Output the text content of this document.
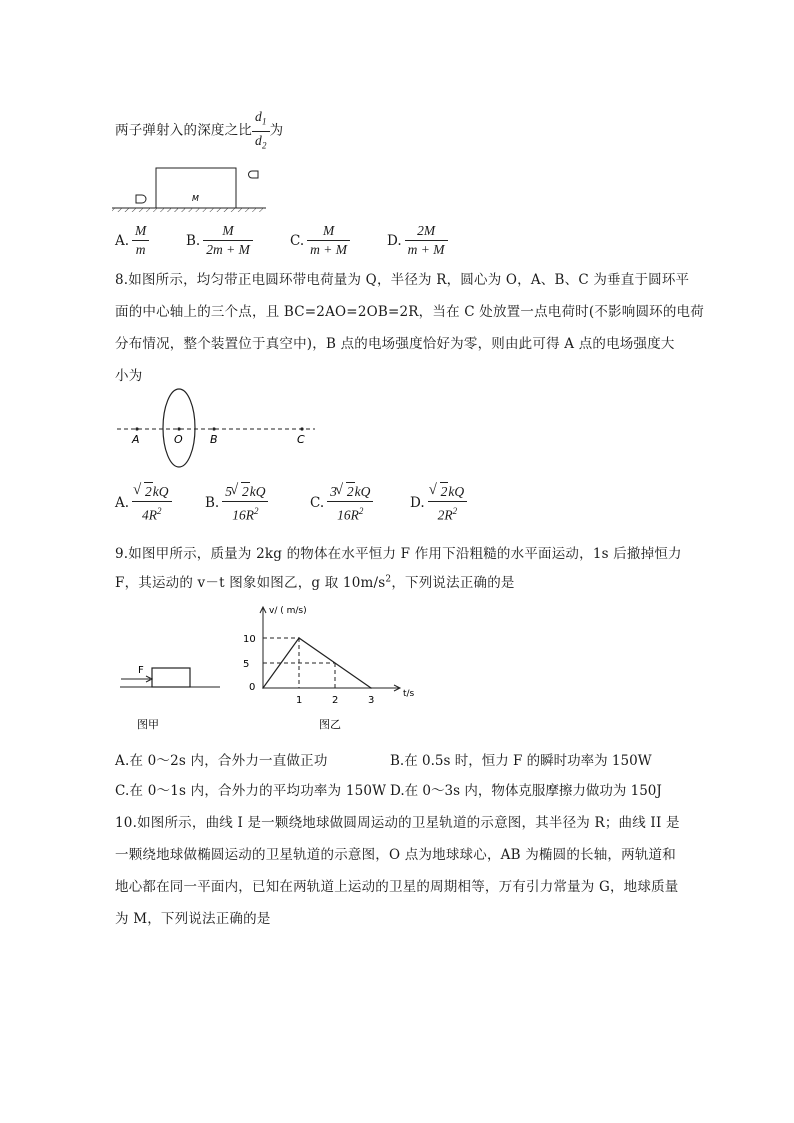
两子弹射入的深度之比 $\frac{d_1}{d_2}$ 为
M
A. $\frac{M}{m}$	B. $\frac{M}{2m + M}$	C. $\frac{M}{m + M}$	D. $\frac{2M}{m + M}$
8.如图所示，均匀带正电圆环带电荷量为 Q，半径为 R，圆心为 O，A、B、C 为垂直于圆环平
面的中心轴上的三个点，且 BC=2AO=2OB=2R，当在 C 处放置一点电荷时(不影响圆环的电荷
分布情况，整个装置位于真空中)，B 点的电场强度恰好为零，则由此可得 A 点的电场强度大
小为
A	O B	C
A. √ $\frac{2kQ}{4R^2} B$. $\frac{5 √ 2kQ}{16R^2}$	C. $\frac{3 √ 2kQ}{16R^2}$	D. √ $\frac{2kQ}{2R^2}$
9.如图甲所示，质量为 2kg 的物体在水平恒力 F 作用下沿粗糙的水平面运动，1s 后撤掉恒力
F，其运动的 v－t 图象如图乙，g 取 $10m/s^2$，下列说法正确的是
F
图甲
v/ ( m/s)
t/s
0
10
5
1	2	3
图乙
A.在 0～2s 内，合外力一直做正功	B.在 0.5s 时，恒力 F 的瞬时功率为 150W
C.在 0～1s 内，合外力的平均功率为 150W D.在 0～3s 内，物体克服摩擦力做功为 150J
10.如图所示，曲线 I 是一颗绕地球做圆周运动的卫星轨道的示意图，其半径为 R；曲线 II 是
一颗绕地球做椭圆运动的卫星轨道的示意图，O 点为地球球心，AB 为椭圆的长轴，两轨道和
地心都在同一平面内，已知在两轨道上运动的卫星的周期相等，万有引力常量为 G，地球质量
为 M，下列说法正确的是
